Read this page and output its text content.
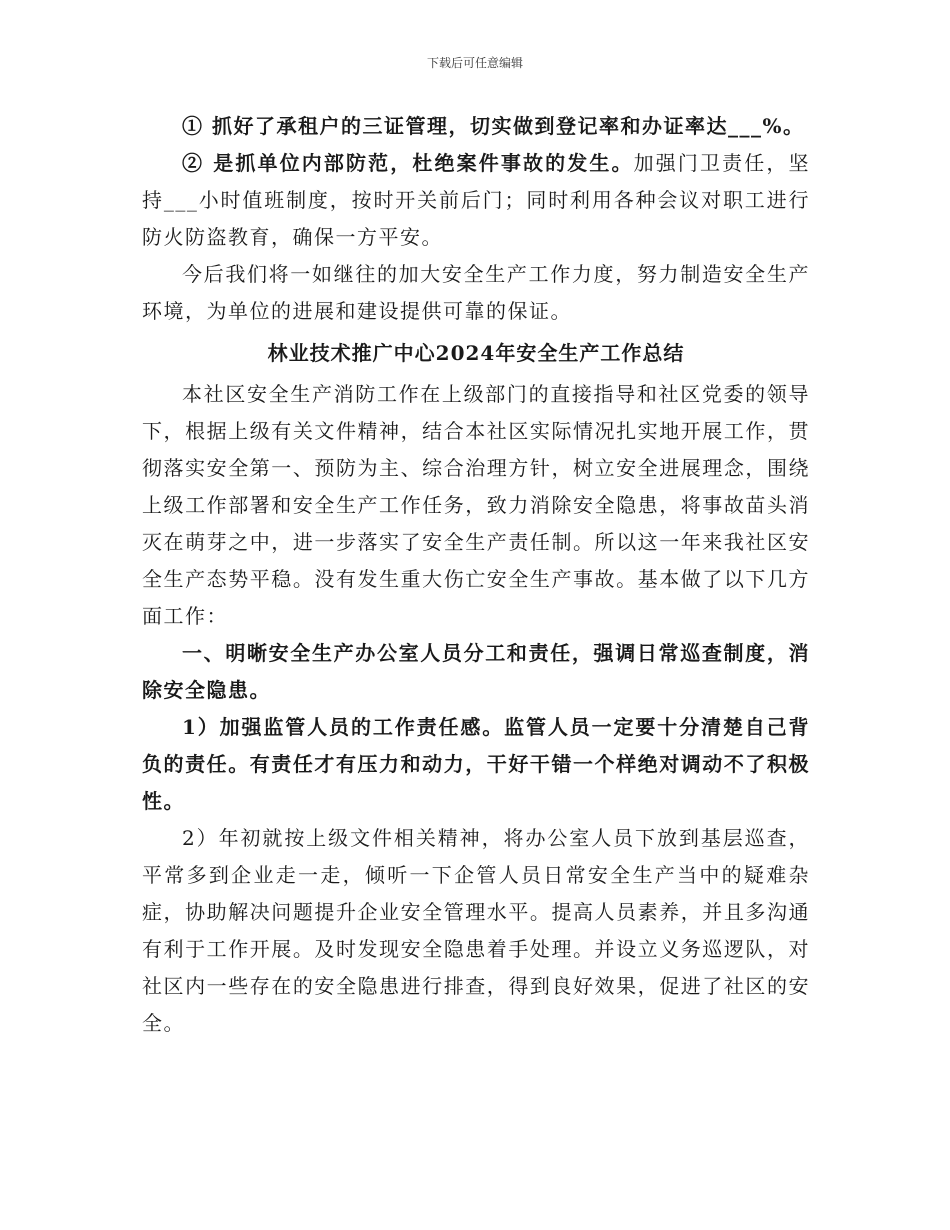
下载后可任意编辑

① 抓好了承租户的三证管理，切实做到登记率和办证率达___%。

② 是抓单位内部防范，杜绝案件事故的发生。加强门卫责任，坚持___小时值班制度，按时开关前后门；同时利用各种会议对职工进行防火防盗教育，确保一方平安。

今后我们将一如继往的加大安全生产工作力度，努力制造安全生产环境，为单位的进展和建设提供可靠的保证。

林业技术推广中心2024年安全生产工作总结

本社区安全生产消防工作在上级部门的直接指导和社区党委的领导下，根据上级有关文件精神，结合本社区实际情况扎实地开展工作，贯彻落实安全第一、预防为主、综合治理方针，树立安全进展理念，围绕上级工作部署和安全生产工作任务，致力消除安全隐患，将事故苗头消灭在萌芽之中，进一步落实了安全生产责任制。所以这一年来我社区安全生产态势平稳。没有发生重大伤亡安全生产事故。基本做了以下几方面工作：

一、明晰安全生产办公室人员分工和责任，强调日常巡查制度，消除安全隐患。

1）加强监管人员的工作责任感。监管人员一定要十分清楚自己背负的责任。有责任才有压力和动力，干好干错一个样绝对调动不了积极性。

2）年初就按上级文件相关精神，将办公室人员下放到基层巡查，平常多到企业走一走，倾听一下企管人员日常安全生产当中的疑难杂症，协助解决问题提升企业安全管理水平。提高人员素养，并且多沟通有利于工作开展。及时发现安全隐患着手处理。并设立义务巡逻队，对社区内一些存在的安全隐患进行排查，得到良好效果，促进了社区的安全。
